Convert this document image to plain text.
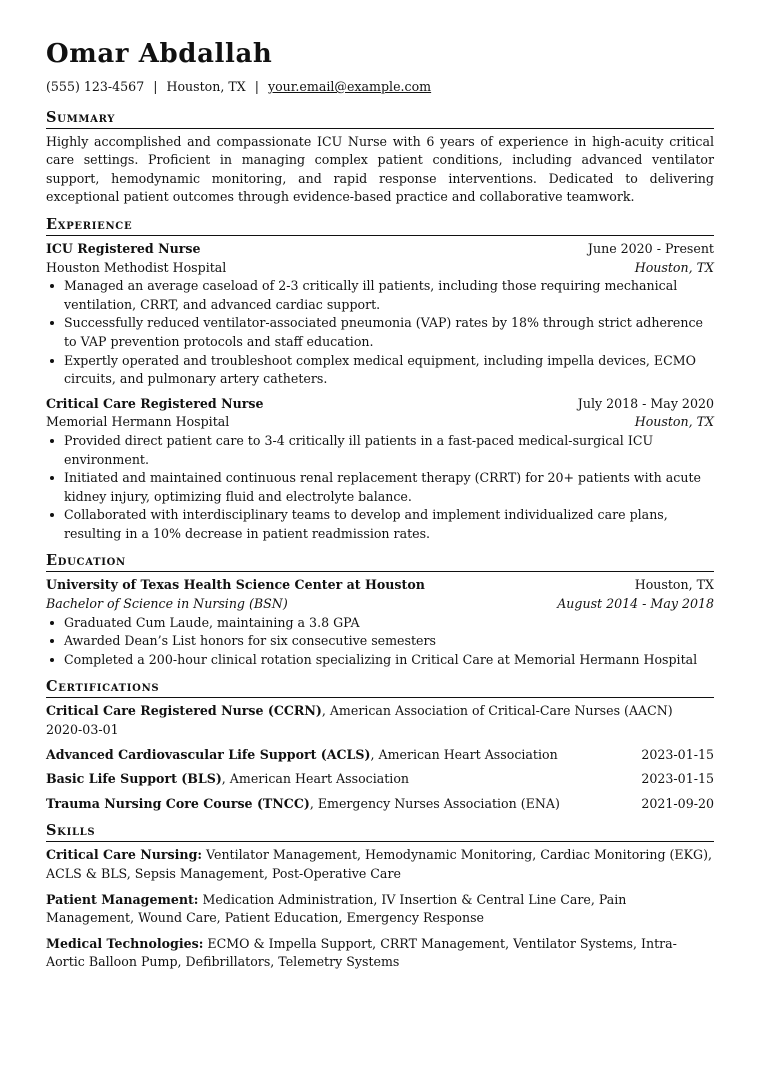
Omar Abdallah
(555) 123-4567 | Houston, TX | your.email@example.com
Summary

Highly accomplished and compassionate ICU Nurse with 6 years of experience in high-acuity critical care settings. Proficient in managing complex patient conditions, including advanced ventilator support, hemodynamic monitoring, and rapid response interventions. Dedicated to delivering exceptional patient outcomes through evidence-based practice and collaborative teamwork.

Experience
ICU Registered Nurse	June 2020 - Present
Houston Methodist Hospital	Houston, TX
Managed an average caseload of 2-3 critically ill patients, including those requiring mechanical ventilation, CRRT, and advanced cardiac support.
Successfully reduced ventilator-associated pneumonia (VAP) rates by 18% through strict adherence to VAP prevention protocols and staff education.
Expertly operated and troubleshoot complex medical equipment, including impella devices, ECMO circuits, and pulmonary artery catheters.
Critical Care Registered Nurse	July 2018 - May 2020
Memorial Hermann Hospital	Houston, TX
Provided direct patient care to 3-4 critically ill patients in a fast-paced medical-surgical ICU environment.
Initiated and maintained continuous renal replacement therapy (CRRT) for 20+ patients with acute kidney injury, optimizing fluid and electrolyte balance.
Collaborated with interdisciplinary teams to develop and implement individualized care plans, resulting in a 10% decrease in patient readmission rates.
Education
University of Texas Health Science Center at Houston	Houston, TX
Bachelor of Science in Nursing (BSN)	August 2014 - May 2018
Graduated Cum Laude, maintaining a 3.8 GPA
Awarded Dean’s List honors for six consecutive semesters
Completed a 200-hour clinical rotation specializing in Critical Care at Memorial Hermann Hospital
Certifications
Critical Care Registered Nurse (CCRN), American Association of Critical-Care Nurses (AACN)
2020-03-01
Advanced Cardiovascular Life Support (ACLS), American Heart Association	2023-01-15
Basic Life Support (BLS), American Heart Association	2023-01-15
Trauma Nursing Core Course (TNCC), Emergency Nurses Association (ENA)	2021-09-20
Skills
Critical Care Nursing: Ventilator Management, Hemodynamic Monitoring, Cardiac Monitoring (EKG), ACLS & BLS, Sepsis Management, Post-Operative Care
Patient Management: Medication Administration, IV Insertion & Central Line Care, Pain Management, Wound Care, Patient Education, Emergency Response
Medical Technologies: ECMO & Impella Support, CRRT Management, Ventilator Systems, Intra-Aortic Balloon Pump, Defibrillators, Telemetry Systems
